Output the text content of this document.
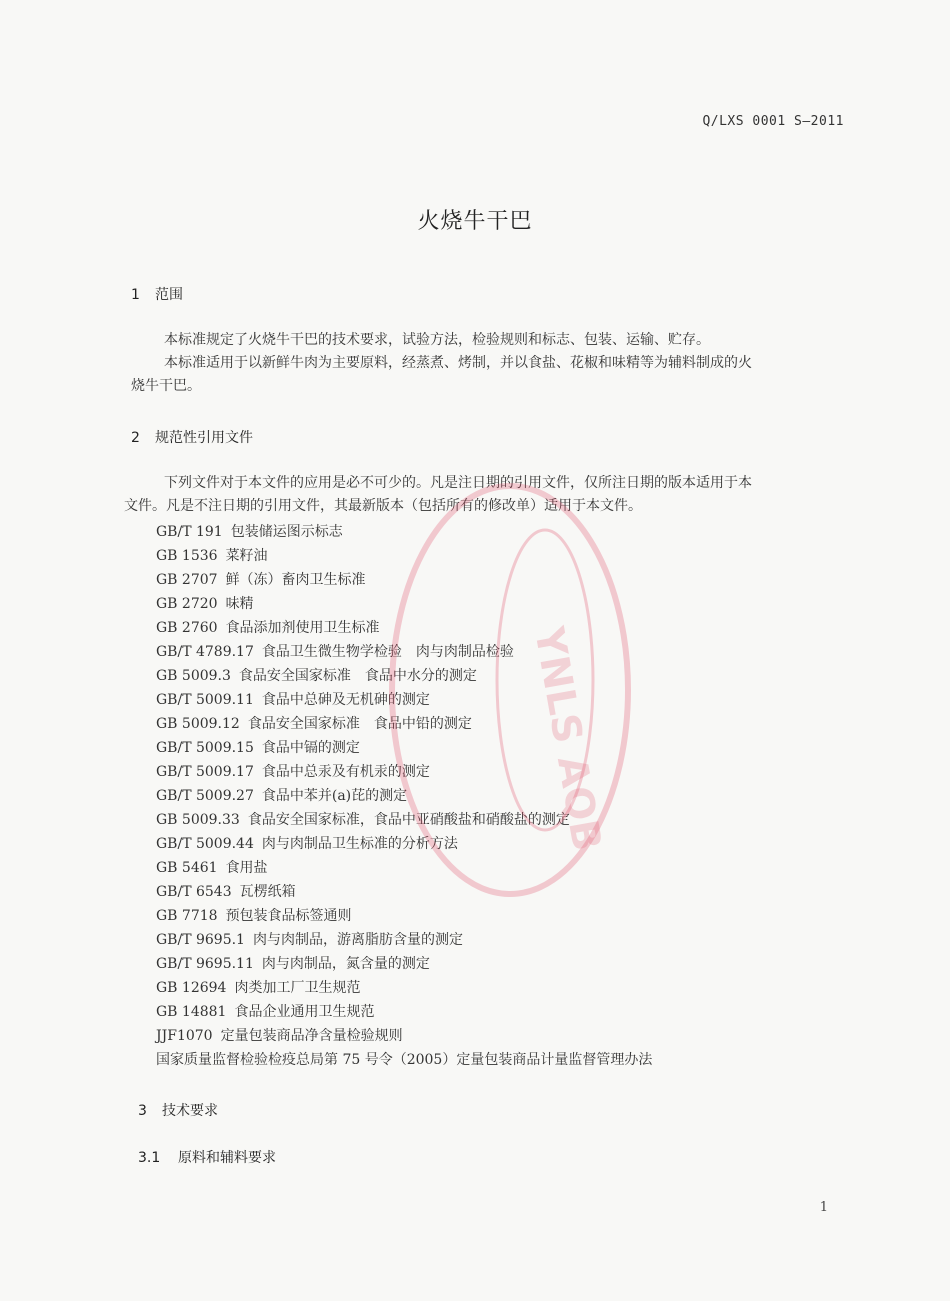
Q/LXS 0001 S—2011
火烧牛干巴
1 范围
本标准规定了火烧牛干巴的技术要求，试验方法，检验规则和标志、包装、运输、贮存。
本标准适用于以新鲜牛肉为主要原料，经蒸煮、烤制，并以食盐、花椒和味精等为辅料制成的火
烧牛干巴。
2 规范性引用文件
下列文件对于本文件的应用是必不可少的。凡是注日期的引用文件，仅所注日期的版本适用于本
文件。凡是不注日期的引用文件，其最新版本（包括所有的修改单）适用于本文件。
GB/T 191 包装储运图示标志
GB 1536 菜籽油
GB 2707 鲜（冻）畜肉卫生标准
GB 2720 味精
GB 2760 食品添加剂使用卫生标准
GB/T 4789.17 食品卫生微生物学检验　肉与肉制品检验
GB 5009.3 食品安全国家标准　食品中水分的测定
GB/T 5009.11 食品中总砷及无机砷的测定
GB 5009.12 食品安全国家标准　食品中铅的测定
GB/T 5009.15 食品中镉的测定
GB/T 5009.17 食品中总汞及有机汞的测定
GB/T 5009.27 食品中苯并(a)芘的测定
GB 5009.33 食品安全国家标准，食品中亚硝酸盐和硝酸盐的测定
GB/T 5009.44 肉与肉制品卫生标准的分析方法
GB 5461 食用盐
GB/T 6543 瓦楞纸箱
GB 7718 预包装食品标签通则
GB/T 9695.1 肉与肉制品，游离脂肪含量的测定
GB/T 9695.11 肉与肉制品，氮含量的测定
GB 12694 肉类加工厂卫生规范
GB 14881 食品企业通用卫生规范
JJF1070 定量包装商品净含量检验规则
国家质量监督检验检疫总局第 75 号令（2005）定量包装商品计量监督管理办法
3 技术要求
3.1 原料和辅料要求
YNLS AQB
1
